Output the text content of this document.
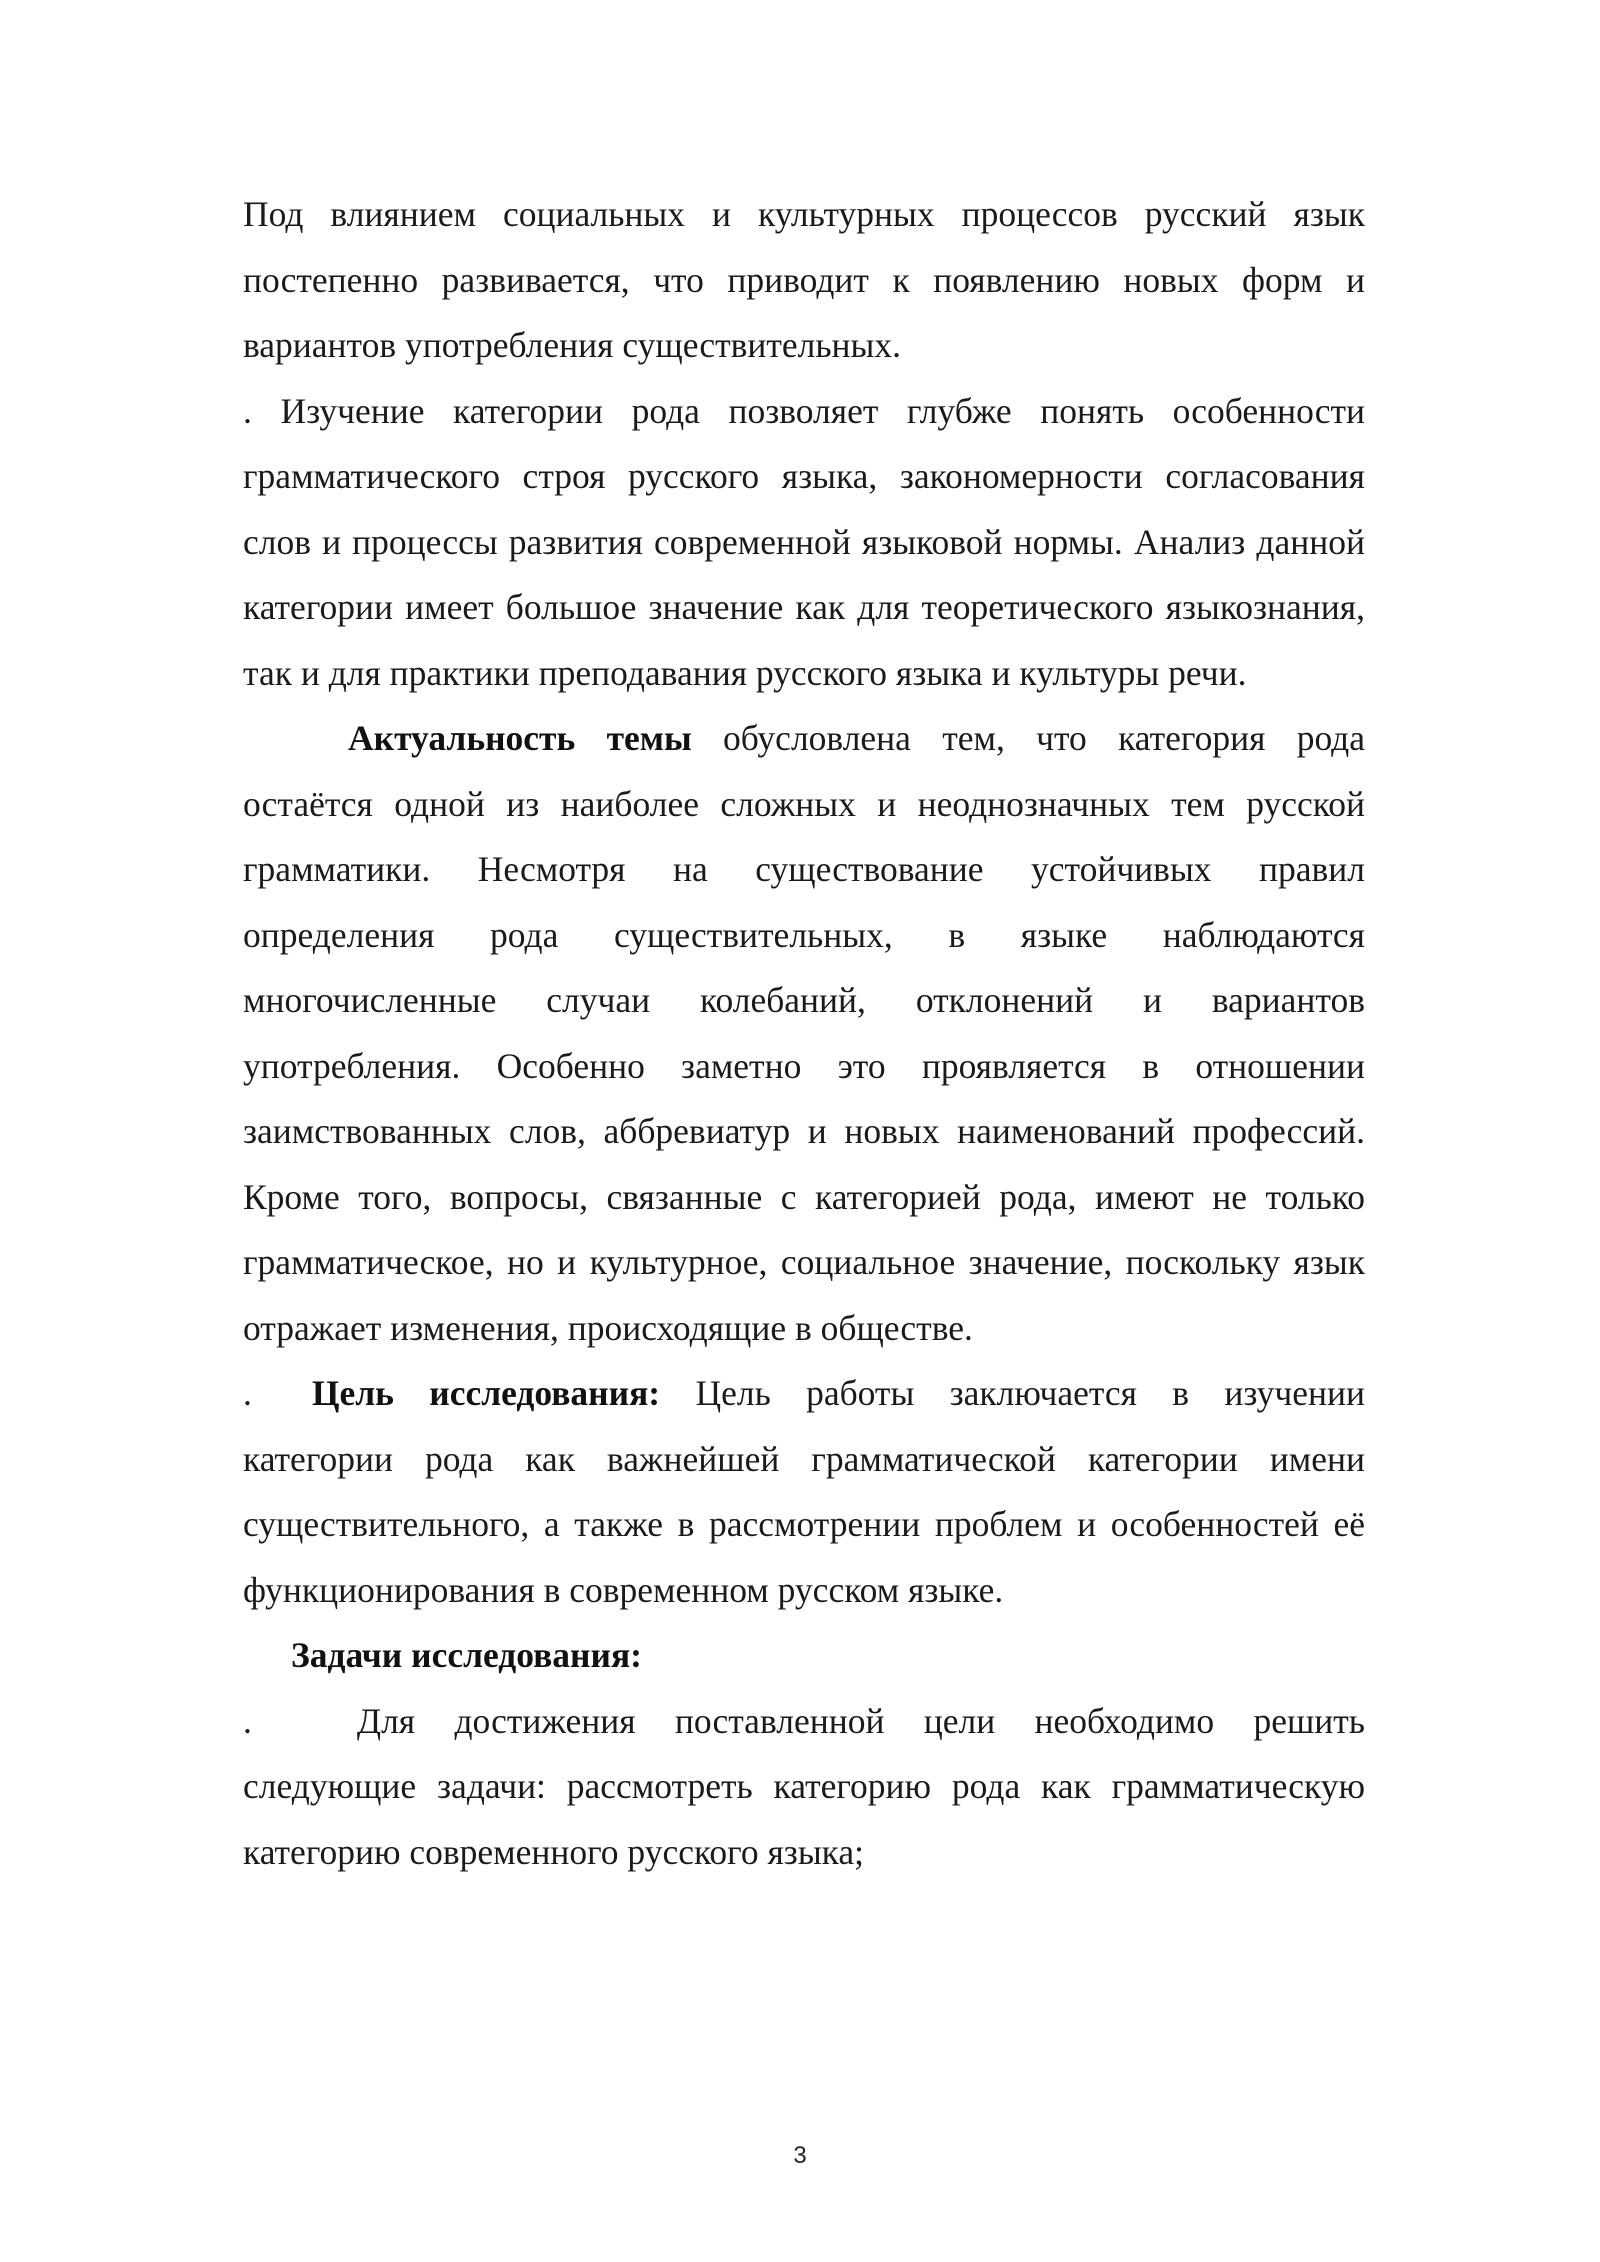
Под влиянием социальных и культурных процессов русский язык постепенно развивается, что приводит к появлению новых форм и вариантов употребления существительных.

. Изучение категории рода позволяет глубже понять особенности грамматического строя русского языка, закономерности согласования слов и процессы развития современной языковой нормы. Анализ данной категории имеет большое значение как для теоретического языкознания, так и для практики преподавания русского языка и культуры речи.

Актуальность темы обусловлена тем, что категория рода остаётся одной из наиболее сложных и неоднозначных тем русской грамматики. Несмотря на существование устойчивых правил определения рода существительных, в языке наблюдаются многочисленные случаи колебаний, отклонений и вариантов употребления. Особенно заметно это проявляется в отношении заимствованных слов, аббревиатур и новых наименований профессий. Кроме того, вопросы, связанные с категорией рода, имеют не только грамматическое, но и культурное, социальное значение, поскольку язык отражает изменения, происходящие в обществе.

. Цель исследования: Цель работы заключается в изучении категории рода как важнейшей грамматической категории имени существительного, а также в рассмотрении проблем и особенностей её функционирования в современном русском языке.

Задачи исследования:

.	Для достижения поставленной цели необходимо решить следующие задачи: рассмотреть категорию рода как грамматическую категорию современного русского языка;

3
